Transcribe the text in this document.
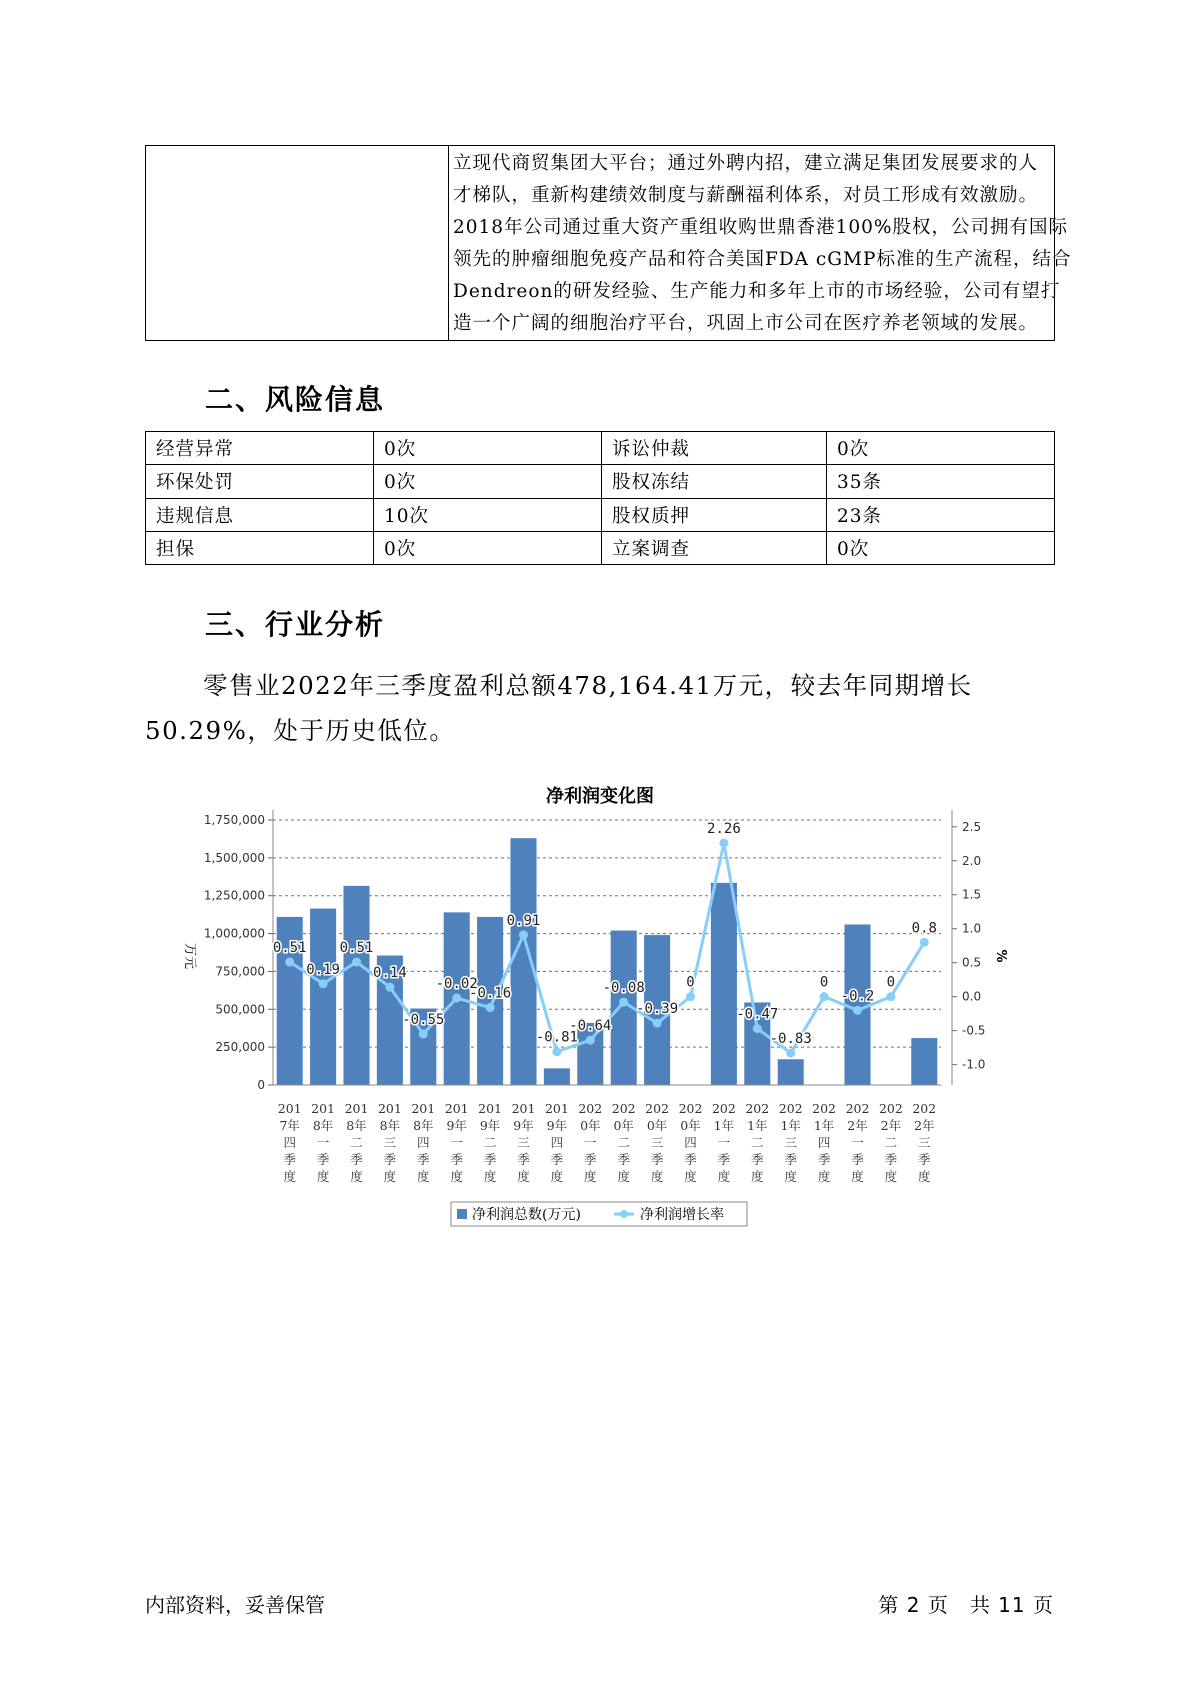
立现代商贸集团大平台；通过外聘内招，建立满足集团发展要求的人
才梯队，重新构建绩效制度与薪酬福利体系，对员工形成有效激励。
2018年公司通过重大资产重组收购世鼎香港100%股权，公司拥有国际
领先的肿瘤细胞免疫产品和符合美国FDA cGMP标准的生产流程，结合
Dendreon的研发经验、生产能力和多年上市的市场经验，公司有望打
造一个广阔的细胞治疗平台，巩固上市公司在医疗养老领域的发展。
二、风险信息
经营异常	0次	诉讼仲裁	0次
环保处罚	0次	股权冻结	35条
违规信息	10次	股权质押	23条
担保	0次	立案调查	0次
三、行业分析

零售业2022年三季度盈利总额478,164.41万元，较去年同期增长

50.29%，处于历史低位。

净利润变化图
0.51
0.19
0.51
0.14
-0.55
-0.02
-0.16
0.91
-0.81
-0.64
-0.08
-0.39
0
2.26
-0.47
-0.83
0
-0.2
0
0.8
0
250,000
500,000
750,000
1,000,000
1,250,000
1,500,000
1,750,000
-1.0
-0.5
0.0
0.5
1.0
1.5
2.0
2.5
201 7年四季度
201 8年一季度
201 8年二季度
201 8年三季度
201 8年四季度
201 9年一季度
201 9年二季度
201 9年三季度
201 9年四季度
202 0年一季度
202 0年二季度
202 0年三季度
202 0年四季度
202 1年一季度
202 1年二季度
202 1年三季度
202 1年四季度
202 2年一季度
202 2年二季度
202 2年三季度
万元	%
净利润总数(万元)	净利润增长率
内部资料，妥善保管	第 2 页　共 11 页
